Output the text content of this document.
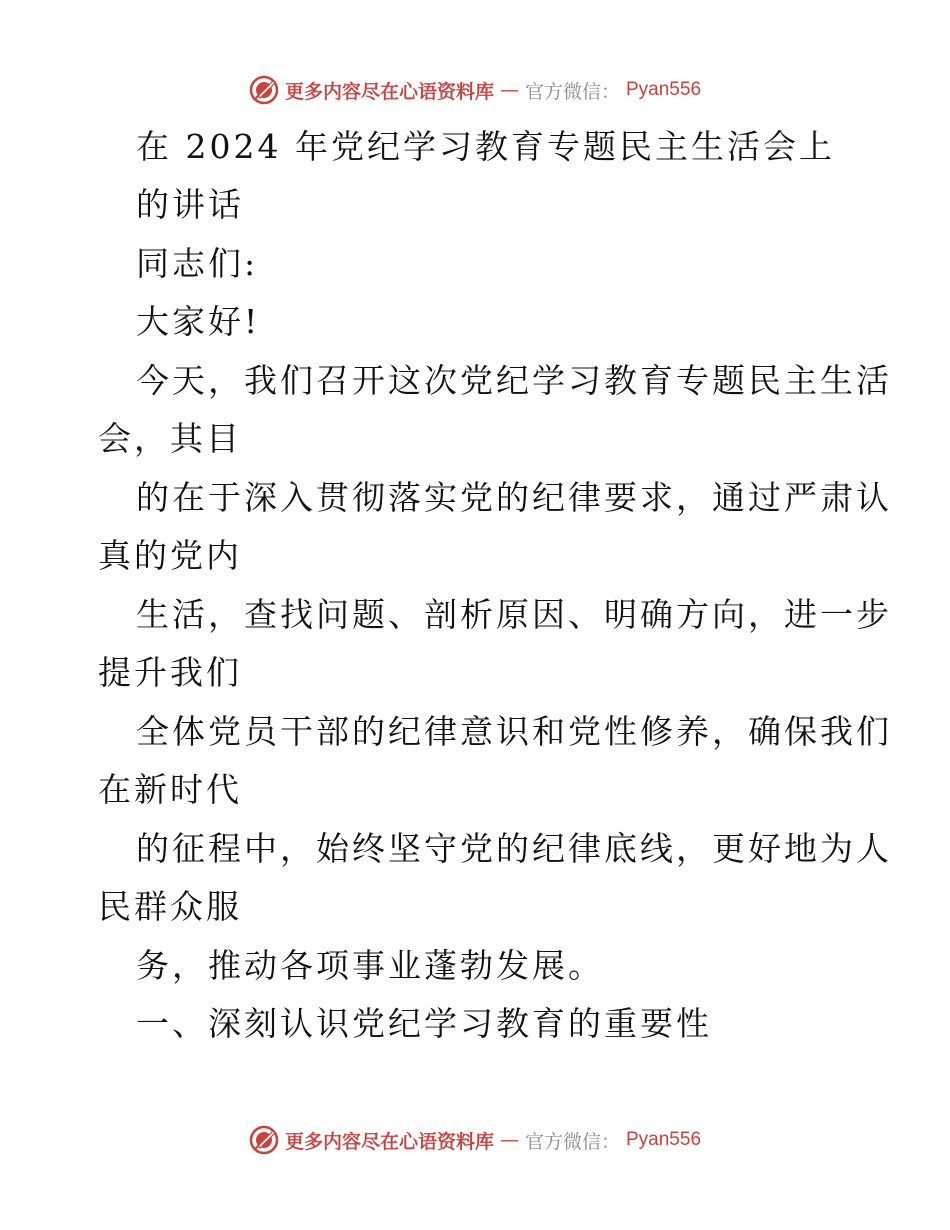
更多内容尽在心语资料库 — 官方微信： Pyan556
在 2024 年党纪学习教育专题民主生活会上
的讲话
同志们:
大家好!
今天，我们召开这次党纪学习教育专题民主生活
会，其目
的在于深入贯彻落实党的纪律要求，通过严肃认
真的党内
生活，查找问题、剖析原因、明确方向，进一步
提升我们
全体党员干部的纪律意识和党性修养，确保我们
在新时代
的征程中，始终坚守党的纪律底线，更好地为人
民群众服
务，推动各项事业蓬勃发展。
一、深刻认识党纪学习教育的重要性
更多内容尽在心语资料库 — 官方微信： Pyan556
